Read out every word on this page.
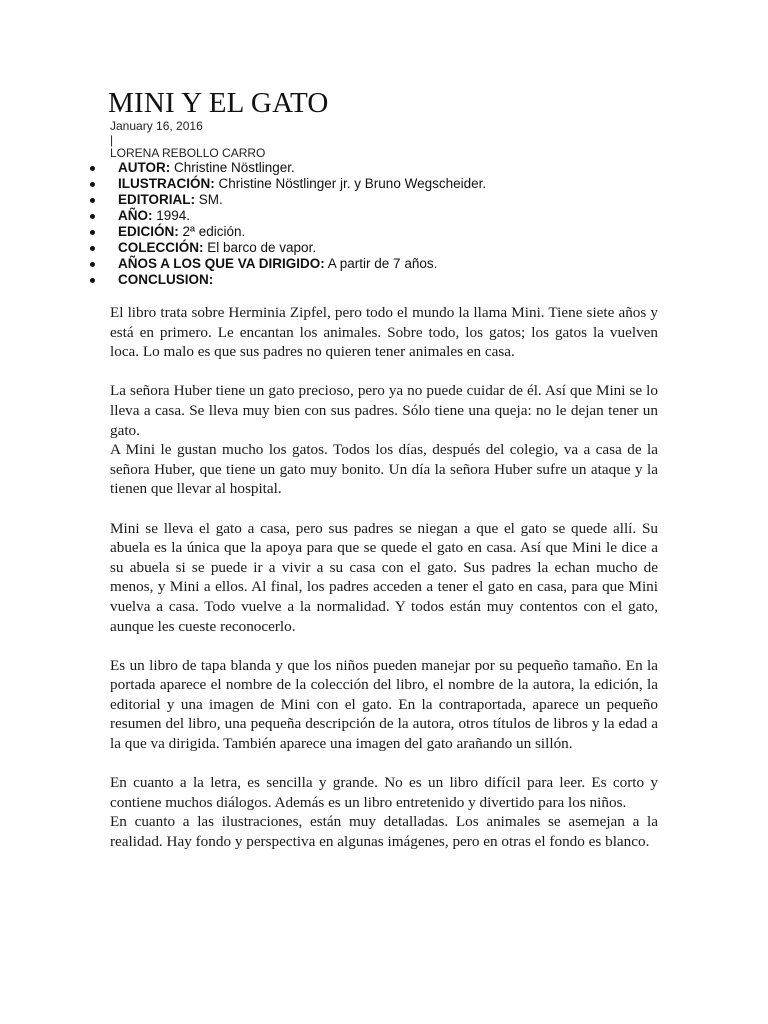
MINI Y EL GATO
January 16, 2016
|
LORENA REBOLLO CARRO
AUTOR: Christine Nöstlinger.
ILUSTRACIÓN: Christine Nöstlinger jr. y Bruno Wegscheider.
EDITORIAL: SM.
AÑO: 1994.
EDICIÓN: 2ª edición.
COLECCIÓN: El barco de vapor.
AÑOS A LOS QUE VA DIRIGIDO: A partir de 7 años.
CONCLUSION:

El libro trata sobre Herminia Zipfel, pero todo el mundo la llama Mini. Tiene siete años y está en primero. Le encantan los animales. Sobre todo, los gatos; los gatos la vuelven loca. Lo malo es que sus padres no quieren tener animales en casa.

La señora Huber tiene un gato precioso, pero ya no puede cuidar de él. Así que Mini se lo lleva a casa. Se lleva muy bien con sus padres. Sólo tiene una queja: no le dejan tener un gato.

A Mini le gustan mucho los gatos. Todos los días, después del colegio, va a casa de la señora Huber, que tiene un gato muy bonito. Un día la señora Huber sufre un ataque y la tienen que llevar al hospital.

Mini se lleva el gato a casa, pero sus padres se niegan a que el gato se quede allí. Su abuela es la única que la apoya para que se quede el gato en casa. Así que Mini le dice a su abuela si se puede ir a vivir a su casa con el gato. Sus padres la echan mucho de menos, y Mini a ellos. Al final, los padres acceden a tener el gato en casa, para que Mini vuelva a casa. Todo vuelve a la normalidad. Y todos están muy contentos con el gato, aunque les cueste reconocerlo.

Es un libro de tapa blanda y que los niños pueden manejar por su pequeño tamaño. En la portada aparece el nombre de la colección del libro, el nombre de la autora, la edición, la editorial y una imagen de Mini con el gato. En la contraportada, aparece un pequeño resumen del libro, una pequeña descripción de la autora, otros títulos de libros y la edad a la que va dirigida. También aparece una imagen del gato arañando un sillón.

En cuanto a la letra, es sencilla y grande. No es un libro difícil para leer. Es corto y contiene muchos diálogos. Además es un libro entretenido y divertido para los niños.

En cuanto a las ilustraciones, están muy detalladas. Los animales se asemejan a la realidad. Hay fondo y perspectiva en algunas imágenes, pero en otras el fondo es blanco.
